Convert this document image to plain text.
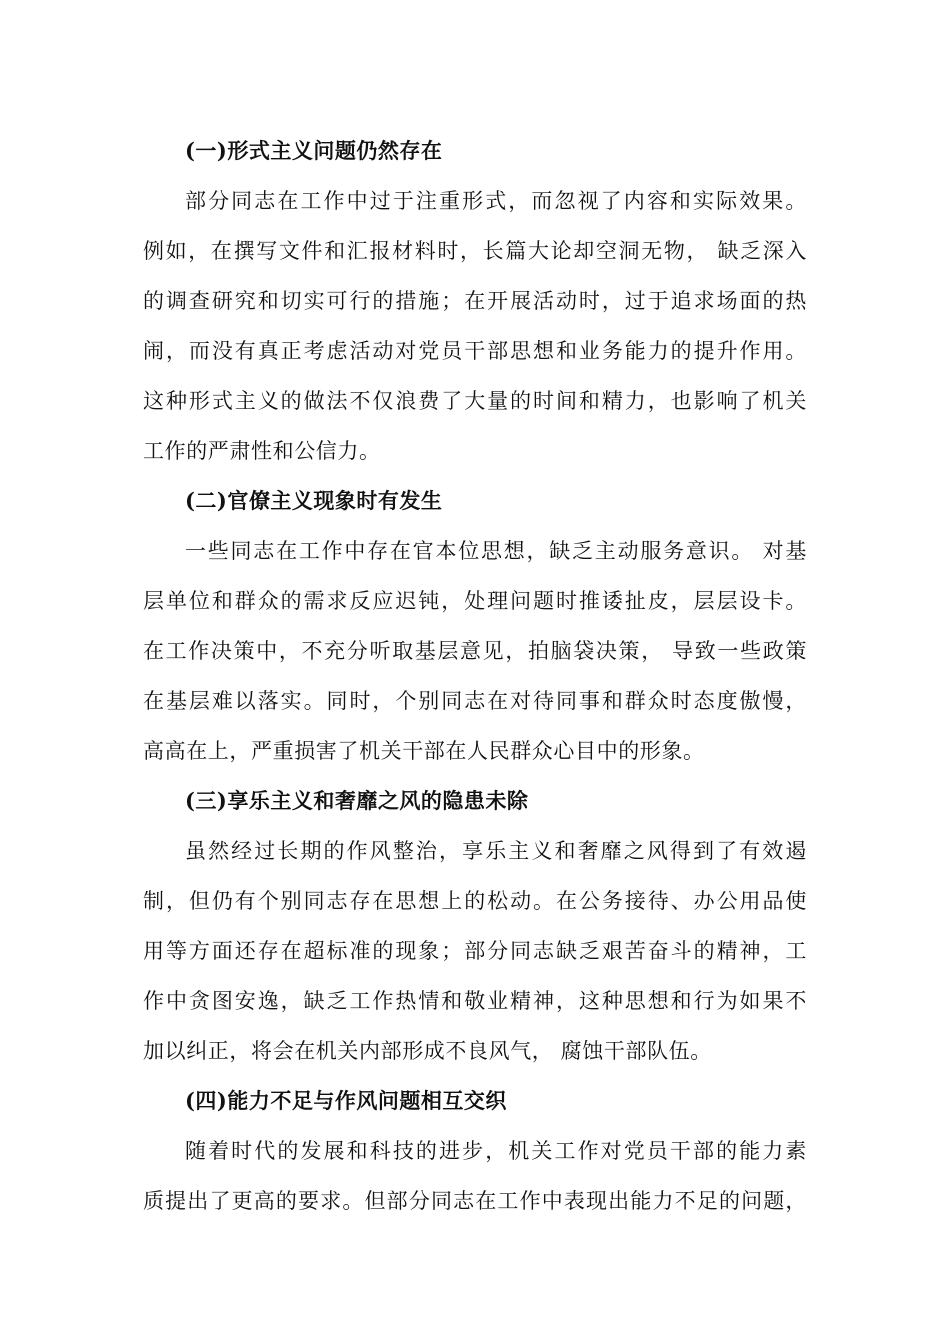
(一)形式主义问题仍然存在
部分同志在工作中过于注重形式，而忽视了内容和实际效果。
例如，在撰写文件和汇报材料时，长篇大论却空洞无物， 缺乏深入
的调查研究和切实可行的措施；在开展活动时，过于追求场面的热
闹，而没有真正考虑活动对党员干部思想和业务能力的提升作用。
这种形式主义的做法不仅浪费了大量的时间和精力，也影响了机关
工作的严肃性和公信力。
(二)官僚主义现象时有发生
一些同志在工作中存在官本位思想，缺乏主动服务意识。 对基
层单位和群众的需求反应迟钝，处理问题时推诿扯皮，层层设卡。
在工作决策中，不充分听取基层意见，拍脑袋决策， 导致一些政策
在基层难以落实。同时，个别同志在对待同事和群众时态度傲慢，
高高在上，严重损害了机关干部在人民群众心目中的形象。
(三)享乐主义和奢靡之风的隐患未除
虽然经过长期的作风整治，享乐主义和奢靡之风得到了有效遏
制，但仍有个别同志存在思想上的松动。在公务接待、办公用品使
用等方面还存在超标准的现象；部分同志缺乏艰苦奋斗的精神，工
作中贪图安逸，缺乏工作热情和敬业精神，这种思想和行为如果不
加以纠正，将会在机关内部形成不良风气， 腐蚀干部队伍。
(四)能力不足与作风问题相互交织
随着时代的发展和科技的进步，机关工作对党员干部的能力素
质提出了更高的要求。但部分同志在工作中表现出能力不足的问题，
